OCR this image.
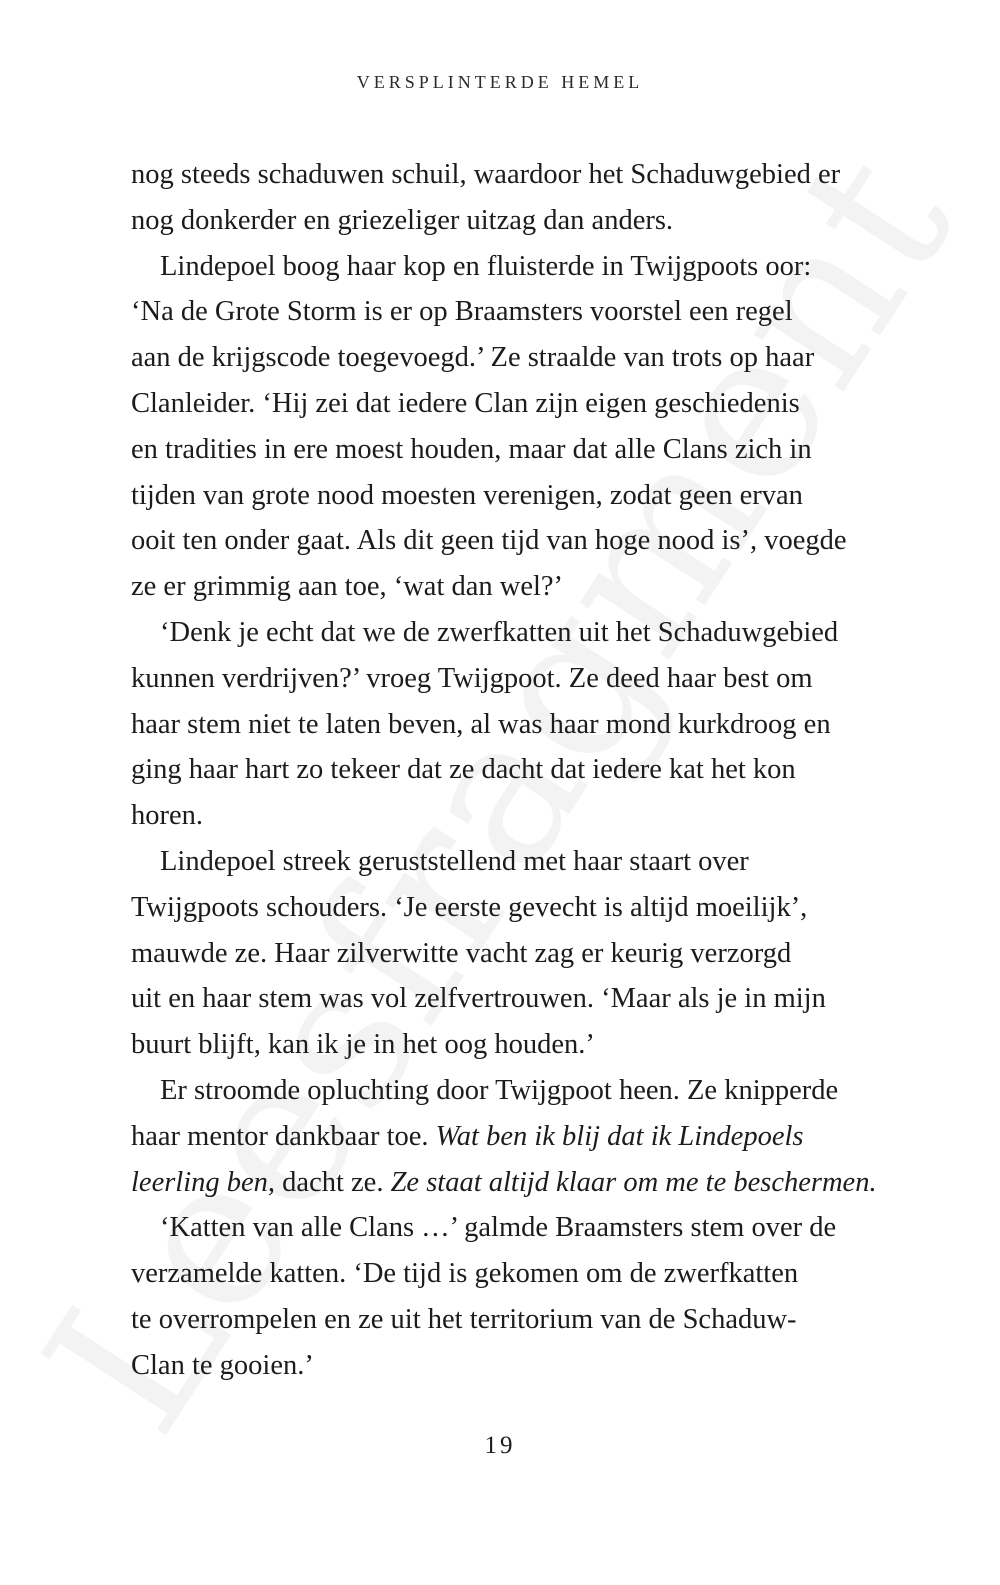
VERSPLINTERDE HEMEL
nog steeds schaduwen schuil, waardoor het Schaduwgebied er
nog donkerder en griezeliger uitzag dan anders.
Lindepoel boog haar kop en fluisterde in Twijgpoots oor:
‘Na de Grote Storm is er op Braamsters voorstel een regel
aan de krijgscode toegevoegd.’ Ze straalde van trots op haar
Clanleider. ‘Hij zei dat iedere Clan zijn eigen geschiedenis
en tradities in ere moest houden, maar dat alle Clans zich in
tijden van grote nood moesten verenigen, zodat geen ervan
ooit ten onder gaat. Als dit geen tijd van hoge nood is’, voegde
ze er grimmig aan toe, ‘wat dan wel?’
‘Denk je echt dat we de zwerfkatten uit het Schaduwgebied
kunnen verdrijven?’ vroeg Twijgpoot. Ze deed haar best om
haar stem niet te laten beven, al was haar mond kurkdroog en
ging haar hart zo tekeer dat ze dacht dat iedere kat het kon
horen.
Lindepoel streek geruststellend met haar staart over
Twijgpoots schouders. ‘Je eerste gevecht is altijd moeilijk’,
mauwde ze. Haar zilverwitte vacht zag er keurig verzorgd
uit en haar stem was vol zelfvertrouwen. ‘Maar als je in mijn
buurt blijft, kan ik je in het oog houden.’
Er stroomde opluchting door Twijgpoot heen. Ze knipperde
haar mentor dankbaar toe. Wat ben ik blij dat ik Lindepoels
leerling ben, dacht ze. Ze staat altijd klaar om me te beschermen.
‘Katten van alle Clans …’ galmde Braamsters stem over de
verzamelde katten. ‘De tijd is gekomen om de zwerfkatten
te overrompelen en ze uit het territorium van de Schaduw-
Clan te gooien.’
19
